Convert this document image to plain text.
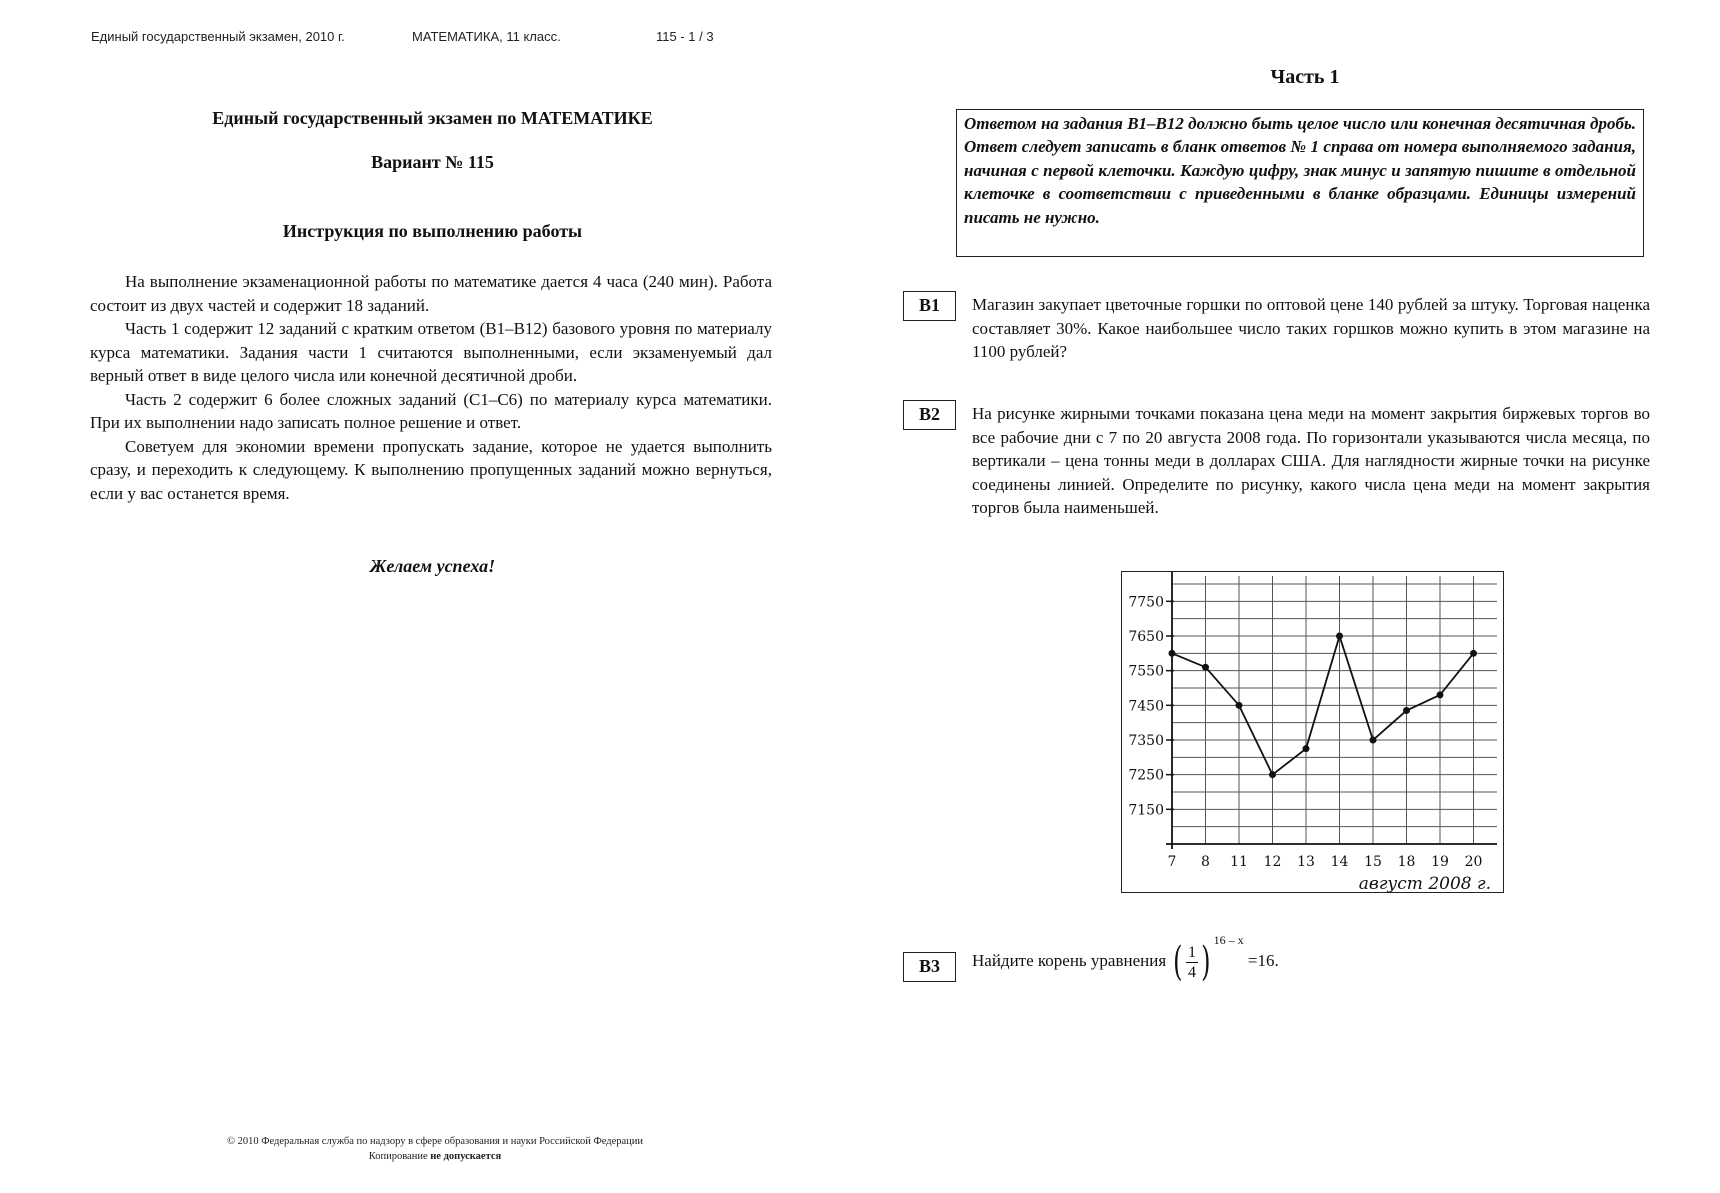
Единый государственный экзамен, 2010 г.	МАТЕМАТИКА, 11 класс.	115 - 1 / 3
Единый государственный экзамен по МАТЕМАТИКЕ
Вариант № 115
Инструкция по выполнению работы

На выполнение экзаменационной работы по математике дается 4 часа (240 мин). Работа состоит из двух частей и содержит 18 заданий.

Часть 1 содержит 12 заданий с кратким ответом (В1–В12) базового уровня по материалу курса математики. Задания части 1 считаются выполненными, если экзаменуемый дал верный ответ в виде целого числа или конечной десятичной дроби.

Часть 2 содержит 6 более сложных заданий (С1–С6) по материалу курса математики. При их выполнении надо записать полное решение и ответ.

Советуем для экономии времени пропускать задание, которое не удается выполнить сразу, и переходить к следующему. К выполнению пропущенных заданий можно вернуться, если у вас останется время.

Желаем успеха!
© 2010 Федеральная служба по надзору в сфере образования и науки Российской Федерации
Копирование не допускается
Часть 1
Ответом на задания В1–В12 должно быть целое число или конечная десятичная дробь. Ответ следует записать в бланк ответов № 1 справа от номера выполняемого задания, начиная с первой клеточки. Каждую цифру, знак минус и запятую пишите в отдельной клеточке в соответствии с приведенными в бланке образцами. Единицы измерений писать не нужно.
B1	Магазин закупает цветочные горшки по оптовой цене 140 рублей за штуку. Торговая наценка составляет 30%. Какое наибольшее число таких горшков можно купить в этом магазине на 1100 рублей?
B2	На рисунке жирными точками показана цена меди на момент закрытия биржевых торгов во все рабочие дни с 7 по 20 августа 2008 года. По горизонтали указываются числа месяца, по вертикали – цена тонны меди в долларах США. Для наглядности жирные точки на рисунке соединены линией. Определите по рисунку, какого числа цена меди на момент закрытия торгов была наименьшей.
7150
7250
7350
7450
7550
7650
7750
7 8 11 12 13 14 15 18 19 20
август 2008 г.
B3	Найдите корень уравнения ( $\frac{1}{4}$ ) $^{16 - x}$ =16.
